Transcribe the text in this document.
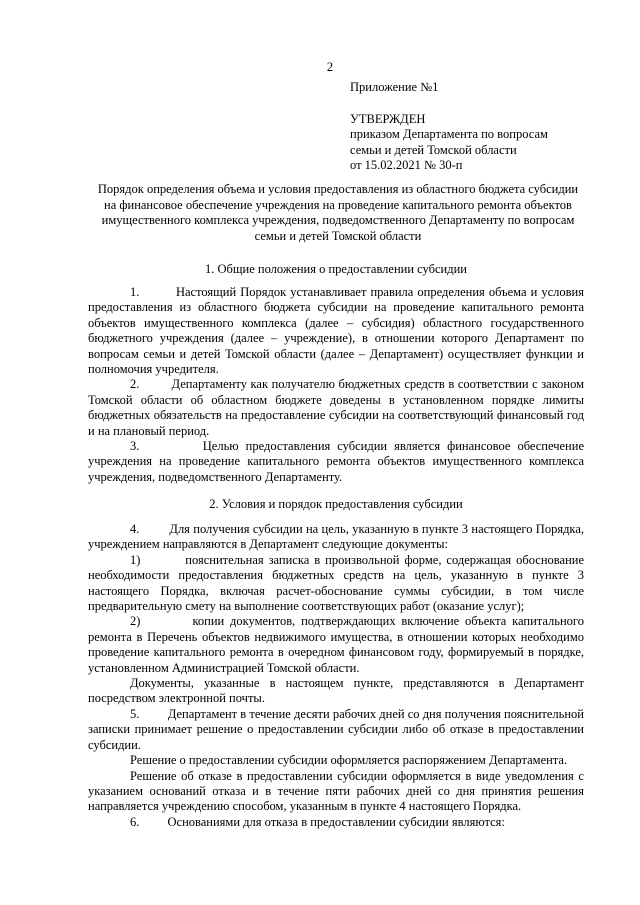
2
Приложение №1
УТВЕРЖДЕН
приказом Департамента по вопросам
семьи и детей Томской области
от 15.02.2021 № 30-п
Порядок определения объема и условия предоставления из областного бюджета субсидии на финансовое обеспечение учреждения на проведение капитального ремонта объектов имущественного комплекса учреждения, подведомственного Департаменту по вопросам семьи и детей Томской области
1. Общие положения о предоставлении субсидии

1.         Настоящий Порядок устанавливает правила определения объема и условия предоставления из областного бюджета субсидии на проведение капитального ремонта объектов имущественного комплекса (далее – субсидия) областного государственного бюджетного учреждения (далее – учреждение), в отношении которого Департамент по вопросам семьи и детей Томской области (далее – Департамент) осуществляет функции и полномочия учредителя.

2.         Департаменту как получателю бюджетных средств в соответствии с законом Томской области об областном бюджете доведены в установленном порядке лимиты бюджетных обязательств на предоставление субсидии на соответствующий финансовый год и на плановый период.

3.         Целью предоставления субсидии является финансовое обеспечение учреждения на проведение капитального ремонта объектов имущественного комплекса учреждения, подведомственного Департаменту.

2. Условия и порядок предоставления субсидии

4.         Для получения субсидии на цель, указанную в пункте 3 настоящего Порядка, учреждением направляются в Департамент следующие документы:

1)         пояснительная записка в произвольной форме, содержащая обоснование необходимости предоставления бюджетных средств на цель, указанную в пункте 3 настоящего Порядка, включая расчет-обоснование суммы субсидии, в том числе предварительную смету на выполнение соответствующих работ (оказание услуг);

2)         копии документов, подтверждающих включение объекта капитального ремонта в Перечень объектов недвижимого имущества, в отношении которых необходимо проведение капитального ремонта в очередном финансовом году, формируемый в порядке, установленном Администрацией Томской области.

Документы, указанные в настоящем пункте, представляются в Департамент посредством электронной почты.

5.         Департамент в течение десяти рабочих дней со дня получения пояснительной записки принимает решение о предоставлении субсидии либо об отказе в предоставлении субсидии.

Решение о предоставлении субсидии оформляется распоряжением Департамента.

Решение об отказе в предоставлении субсидии оформляется в виде уведомления с указанием оснований отказа и в течение пяти рабочих дней со дня принятия решения направляется учреждению способом, указанным в пункте 4 настоящего Порядка.

6.         Основаниями для отказа в предоставлении субсидии являются:
